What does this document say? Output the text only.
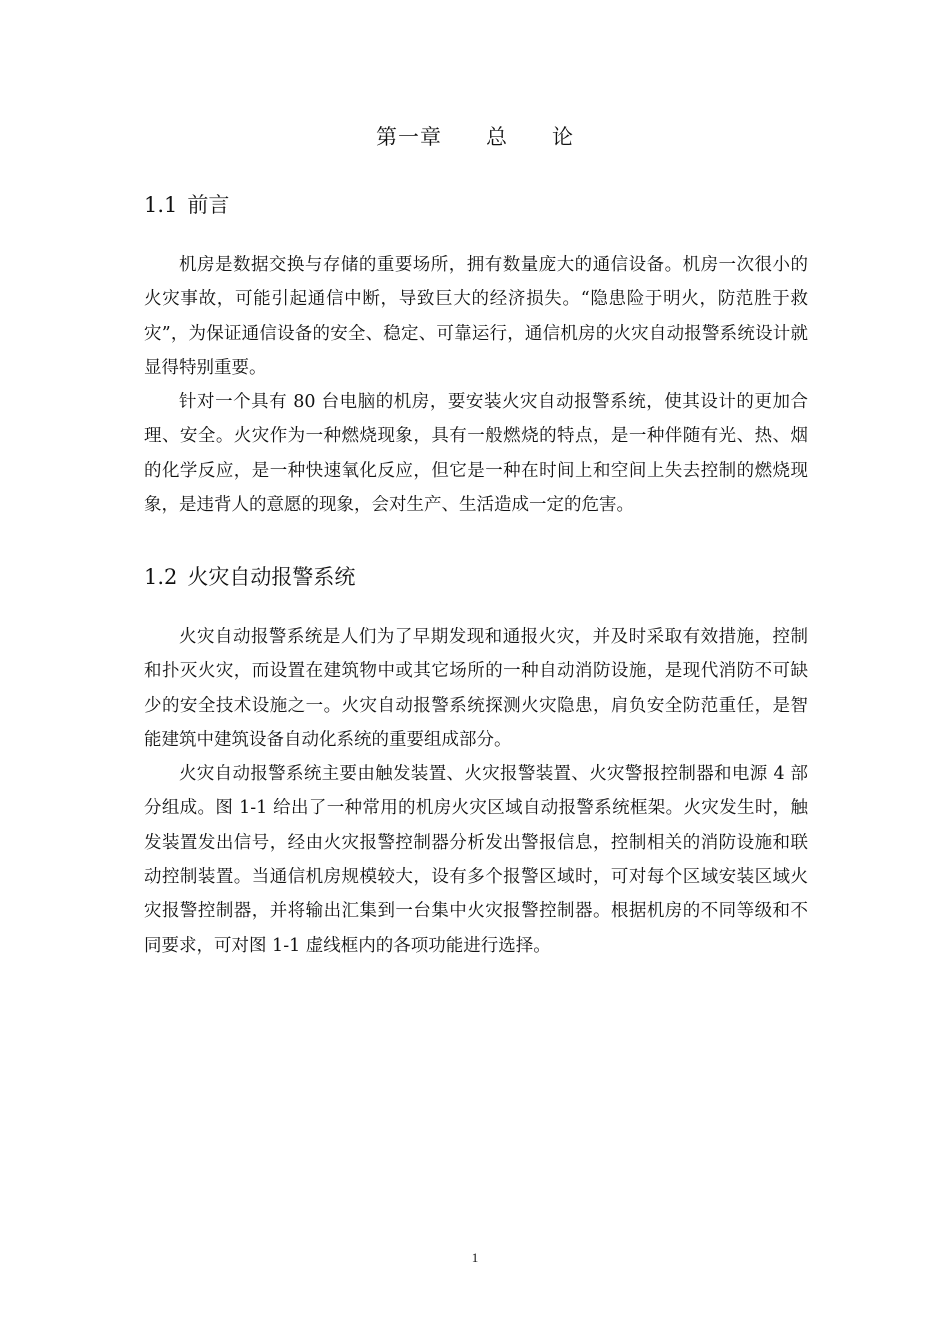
第一章 总 论
1.1 前言

机房是数据交换与存储的重要场所，拥有数量庞大的通信设备。机房一次很小的火灾事故，可能引起通信中断，导致巨大的经济损失。“隐患险于明火，防范胜于救灾”，为保证通信设备的安全、稳定、可靠运行，通信机房的火灾自动报警系统设计就显得特别重要。

针对一个具有 80 台电脑的机房，要安装火灾自动报警系统，使其设计的更加合理、安全。火灾作为一种燃烧现象，具有一般燃烧的特点，是一种伴随有光、热、烟的化学反应，是一种快速氧化反应，但它是一种在时间上和空间上失去控制的燃烧现象，是违背人的意愿的现象，会对生产、生活造成一定的危害。

1.2 火灾自动报警系统

火灾自动报警系统是人们为了早期发现和通报火灾，并及时采取有效措施，控制和扑灭火灾，而设置在建筑物中或其它场所的一种自动消防设施，是现代消防不可缺少的安全技术设施之一。火灾自动报警系统探测火灾隐患，肩负安全防范重任，是智能建筑中建筑设备自动化系统的重要组成部分。

火灾自动报警系统主要由触发装置、火灾报警装置、火灾警报控制器和电源 4 部分组成。图 1-1 给出了一种常用的机房火灾区域自动报警系统框架。火灾发生时，触发装置发出信号，经由火灾报警控制器分析发出警报信息，控制相关的消防设施和联动控制装置。当通信机房规模较大，设有多个报警区域时，可对每个区域安装区域火灾报警控制器，并将输出汇集到一台集中火灾报警控制器。根据机房的不同等级和不同要求，可对图 1-1 虚线框内的各项功能进行选择。

1
